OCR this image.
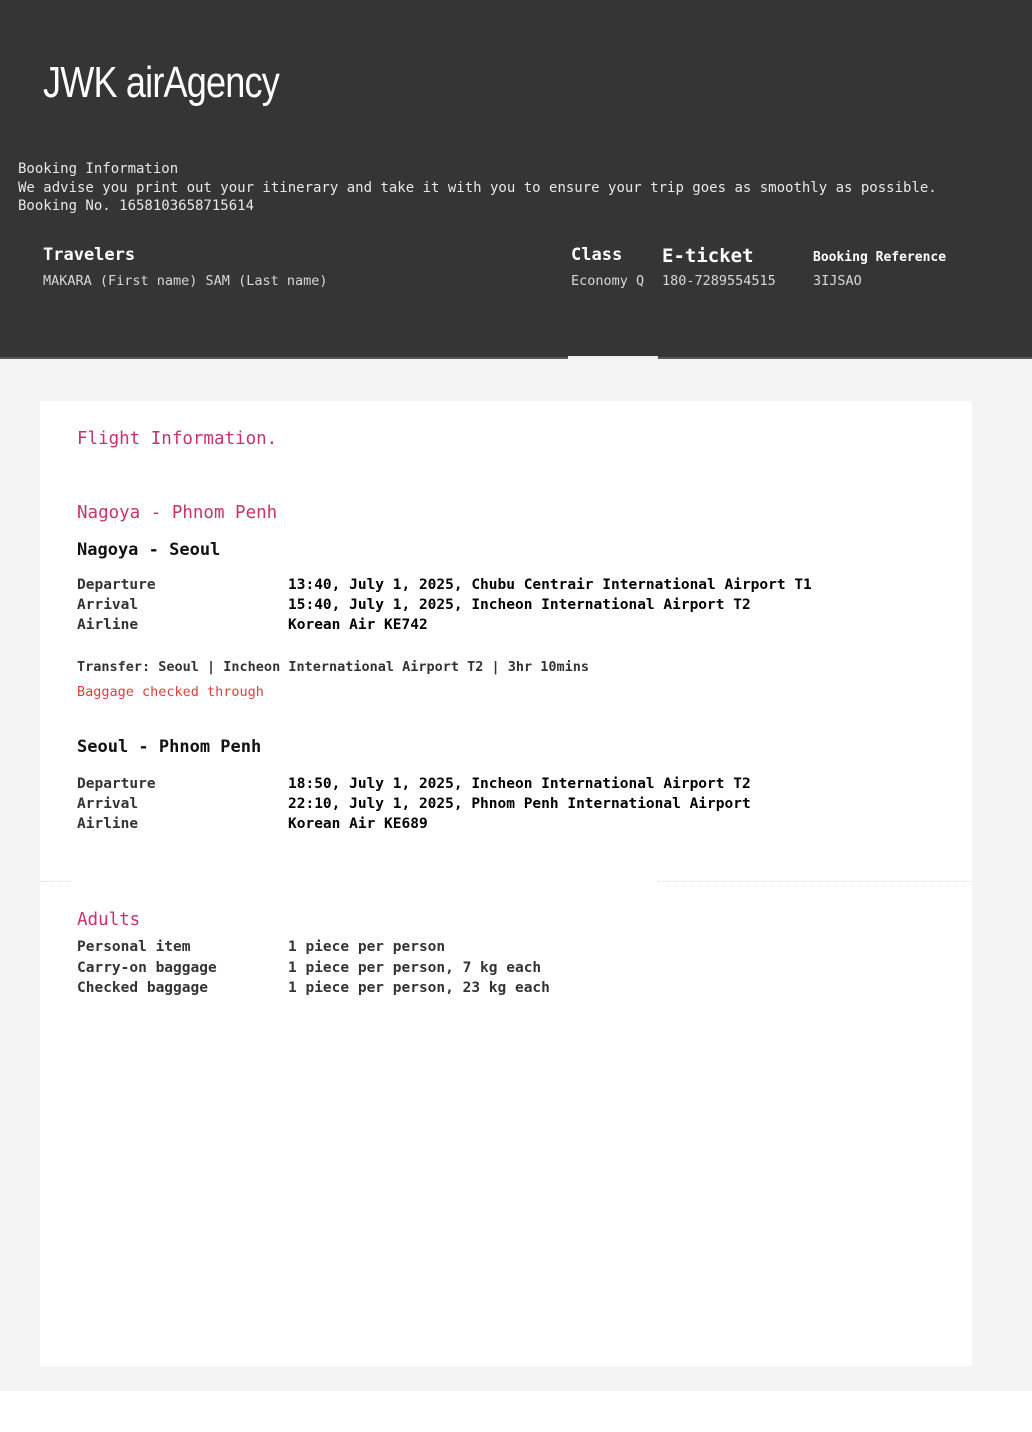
JWK airAgency
Booking Information
We advise you print out your itinerary and take it with you to ensure your trip goes as smoothly as possible.
Booking No. 1658103658715614
Travelers
MAKARA (First name) SAM (Last name)
Class
Economy Q
E-ticket
180-7289554515
Booking Reference
3IJSAO
Flight Information.
Nagoya - Phnom Penh
Nagoya - Seoul
Departure	13:40, July 1, 2025, Chubu Centrair International Airport T1
Arrival	15:40, July 1, 2025, Incheon International Airport T2
Airline	Korean Air KE742
Transfer: Seoul | Incheon International Airport T2 | 3hr 10mins
Baggage checked through
Seoul - Phnom Penh
Departure	18:50, July 1, 2025, Incheon International Airport T2
Arrival	22:10, July 1, 2025, Phnom Penh International Airport
Airline	Korean Air KE689
Adults
Personal item	1 piece per person
Carry-on baggage	1 piece per person, 7 kg each
Checked baggage	1 piece per person, 23 kg each
